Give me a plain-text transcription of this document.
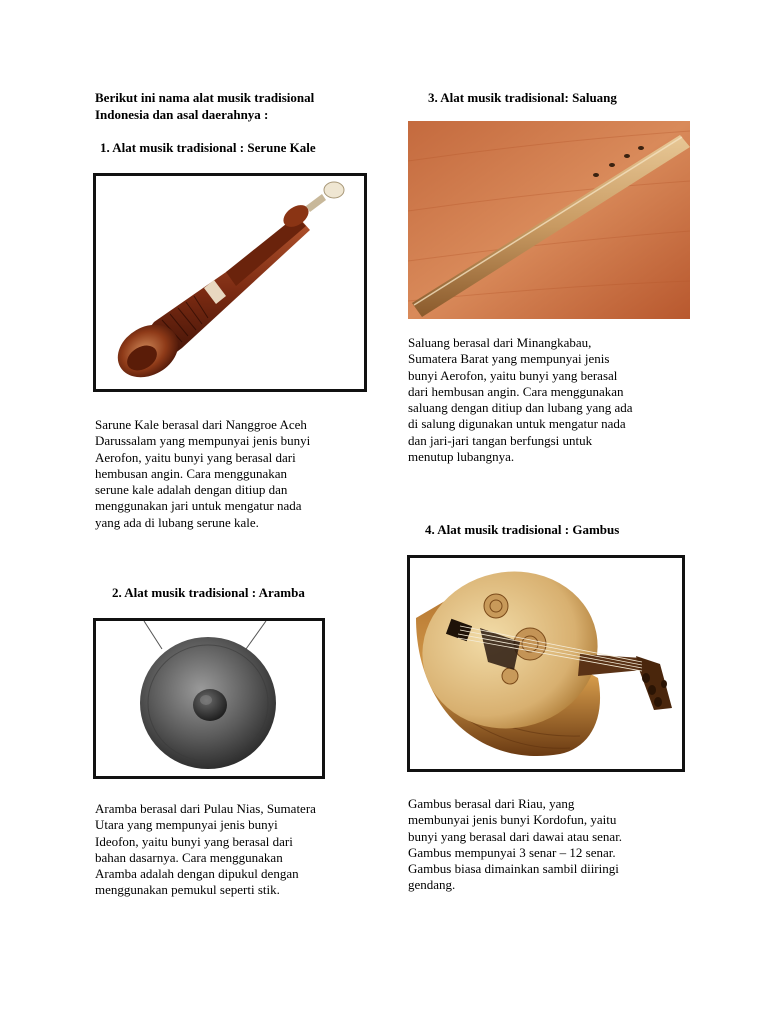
Berikut ini nama alat musik tradisional
Indonesia dan asal daerahnya :
1. Alat musik tradisional : Serune Kale
Sarune Kale berasal dari Nanggroe Aceh
Darussalam yang mempunyai jenis bunyi
Aerofon, yaitu bunyi yang berasal dari
hembusan angin. Cara menggunakan
serune kale adalah dengan ditiup dan
menggunakan jari untuk mengatur nada
yang ada di lubang serune kale.
2. Alat musik tradisional : Aramba
Aramba berasal dari Pulau Nias, Sumatera
Utara yang mempunyai jenis bunyi
Ideofon, yaitu bunyi yang berasal dari
bahan dasarnya. Cara menggunakan
Aramba adalah dengan dipukul dengan
menggunakan pemukul seperti stik.
3. Alat musik tradisional: Saluang
Saluang berasal dari Minangkabau,
Sumatera Barat yang mempunyai jenis
bunyi Aerofon, yaitu bunyi yang berasal
dari hembusan angin. Cara menggunakan
saluang dengan ditiup dan lubang yang ada
di salung digunakan untuk mengatur nada
dan jari-jari tangan berfungsi untuk
menutup lubangnya.
4. Alat musik tradisional : Gambus
Gambus berasal dari Riau, yang
membunyai jenis bunyi Kordofun, yaitu
bunyi yang berasal dari dawai atau senar.
Gambus mempunyai 3 senar – 12 senar.
Gambus biasa dimainkan sambil diiringi
gendang.
